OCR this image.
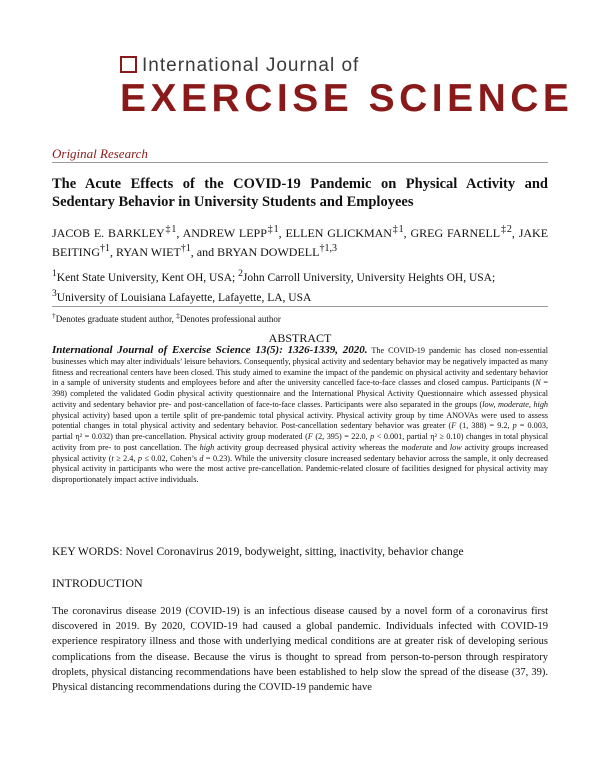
International Journal of
EXERCISE SCIENCE
Original Research
The Acute Effects of the COVID-19 Pandemic on Physical Activity and Sedentary Behavior in University Students and Employees
JACOB E. BARKLEY$^{\ddagger 1}$, ANDREW LEPP$^{\ddagger 1}$, ELLEN GLICKMAN$^{\ddagger 1}$, GREG FARNELL$^{\ddagger 2}$, JAKE BEITING$^{\dagger 1}$, RYAN WIET$^{\dagger 1}$, and BRYAN DOWDELL$^{\dagger 1,3}$
$^1$Kent State University, Kent OH, USA; $^2$John Carroll University, University Heights OH, USA;
$^3$University of Louisiana Lafayette, Lafayette, LA, USA
†Denotes graduate student author, ‡Denotes professional author
ABSTRACT
International Journal of Exercise Science 13(5): 1326-1339, 2020. The COVID-19 pandemic has closed non-essential businesses which may alter individuals’ leisure behaviors. Consequently, physical activity and sedentary behavior may be negatively impacted as many fitness and recreational centers have been closed. This study aimed to examine the impact of the pandemic on physical activity and sedentary behavior in a sample of university students and employees before and after the university cancelled face-to-face classes and closed campus. Participants (N = 398) completed the validated Godin physical activity questionnaire and the International Physical Activity Questionnaire which assessed physical activity and sedentary behavior pre- and post-cancellation of face-to-face classes. Participants were also separated in the groups (low, moderate, high physical activity) based upon a tertile split of pre-pandemic total physical activity. Physical activity group by time ANOVAs were used to assess potential changes in total physical activity and sedentary behavior. Post-cancellation sedentary behavior was greater (F (1, 388) = 9.2, p = 0.003, partial η² = 0.032) than pre-cancellation. Physical activity group moderated (F (2, 395) = 22.0, p < 0.001, partial η² ≥ 0.10) changes in total physical activity from pre- to post cancellation. The high activity group decreased physical activity whereas the moderate and low activity groups increased physical activity (t ≥ 2.4, p ≤ 0.02, Cohen’s d = 0.23). While the university closure increased sedentary behavior across the sample, it only decreased physical activity in participants who were the most active pre-cancellation. Pandemic-related closure of facilities designed for physical activity may disproportionately impact active individuals.
KEY WORDS: Novel Coronavirus 2019, bodyweight, sitting, inactivity, behavior change
INTRODUCTION
The coronavirus disease 2019 (COVID-19) is an infectious disease caused by a novel form of a coronavirus first discovered in 2019. By 2020, COVID-19 had caused a global pandemic. Individuals infected with COVID-19 experience respiratory illness and those with underlying medical conditions are at greater risk of developing serious complications from the disease. Because the virus is thought to spread from person-to-person through respiratory droplets, physical distancing recommendations have been established to help slow the spread of the disease (37, 39). Physical distancing recommendations during the COVID-19 pandemic have
